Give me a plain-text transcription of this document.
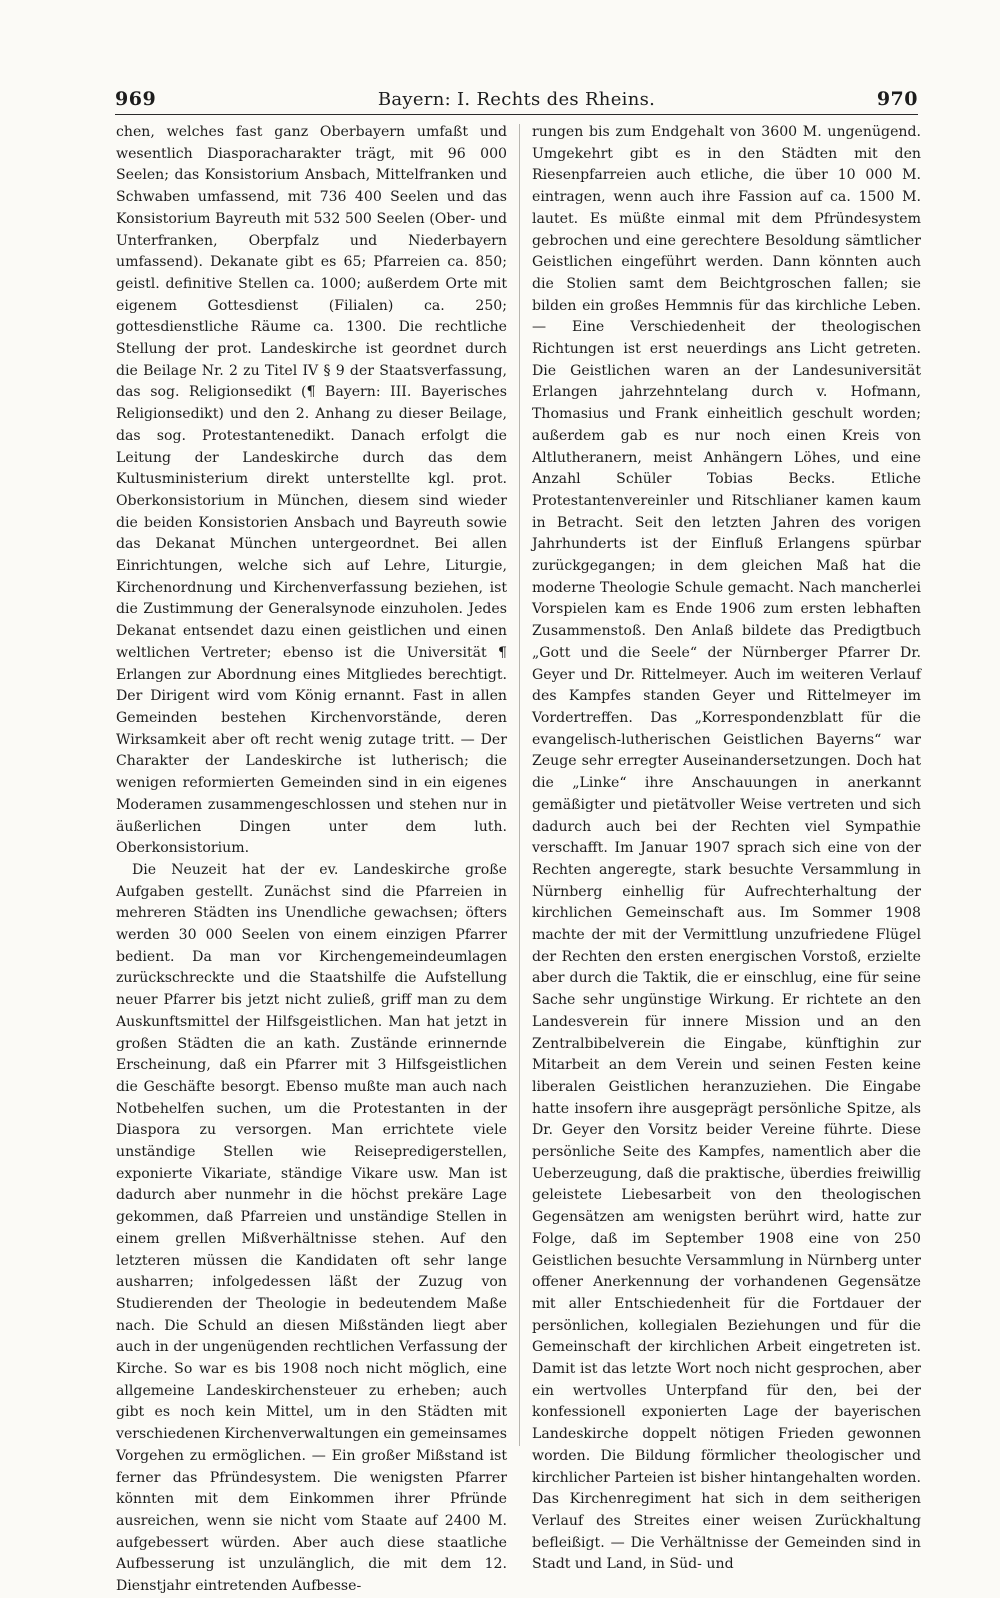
969	Bayern: I. Rechts des Rheins.	970

chen, welches fast ganz Oberbayern umfaßt und wesentlich Diasporacharakter trägt, mit 96 000 Seelen; das Konsistorium Ansbach, Mittelfranken und Schwaben umfassend, mit 736 400 Seelen und das Konsistorium Bayreuth mit 532 500 Seelen (Ober- und Unterfranken, Oberpfalz und Niederbayern umfassend). Dekanate gibt es 65; Pfarreien ca. 850; geistl. definitive Stellen ca. 1000; außerdem Orte mit eigenem Gottesdienst (Filialen) ca. 250; gottesdienstliche Räume ca. 1300. Die rechtliche Stellung der prot. Landeskirche ist geordnet durch die Beilage Nr. 2 zu Titel IV § 9 der Staatsverfassung, das sog. Religionsedikt (¶ Bayern: III. Bayerisches Religionsedikt) und den 2. Anhang zu dieser Beilage, das sog. Protestantenedikt. Danach erfolgt die Leitung der Landeskirche durch das dem Kultusministerium direkt unterstellte kgl. prot. Oberkonsistorium in München, diesem sind wieder die beiden Konsistorien Ansbach und Bayreuth sowie das Dekanat München untergeordnet. Bei allen Einrichtungen, welche sich auf Lehre, Liturgie, Kirchenordnung und Kirchenverfassung beziehen, ist die Zustimmung der Generalsynode einzuholen. Jedes Dekanat entsendet dazu einen geistlichen und einen weltlichen Vertreter; ebenso ist die Universität ¶ Erlangen zur Abordnung eines Mitgliedes berechtigt. Der Dirigent wird vom König ernannt. Fast in allen Gemeinden bestehen Kirchenvorstände, deren Wirksamkeit aber oft recht wenig zutage tritt. — Der Charakter der Landeskirche ist lutherisch; die wenigen reformierten Gemeinden sind in ein eigenes Moderamen zusammengeschlossen und stehen nur in äußerlichen Dingen unter dem luth. Oberkonsistorium.

Die Neuzeit hat der ev. Landeskirche große Aufgaben gestellt. Zunächst sind die Pfarreien in mehreren Städten ins Unendliche gewachsen; öfters werden 30 000 Seelen von einem einzigen Pfarrer bedient. Da man vor Kirchengemeindeumlagen zurückschreckte und die Staatshilfe die Aufstellung neuer Pfarrer bis jetzt nicht zuließ, griff man zu dem Auskunftsmittel der Hilfsgeistlichen. Man hat jetzt in großen Städten die an kath. Zustände erinnernde Erscheinung, daß ein Pfarrer mit 3 Hilfsgeistlichen die Geschäfte besorgt. Ebenso mußte man auch nach Notbehelfen suchen, um die Protestanten in der Diaspora zu versorgen. Man errichtete viele unständige Stellen wie Reisepredigerstellen, exponierte Vikariate, ständige Vikare usw. Man ist dadurch aber nunmehr in die höchst prekäre Lage gekommen, daß Pfarreien und unständige Stellen in einem grellen Mißverhältnisse stehen. Auf den letzteren müssen die Kandidaten oft sehr lange ausharren; infolgedessen läßt der Zuzug von Studierenden der Theologie in bedeutendem Maße nach. Die Schuld an diesen Mißständen liegt aber auch in der ungenügenden rechtlichen Verfassung der Kirche. So war es bis 1908 noch nicht möglich, eine allgemeine Landeskirchensteuer zu erheben; auch gibt es noch kein Mittel, um in den Städten mit verschiedenen Kirchenverwaltungen ein gemeinsames Vorgehen zu ermöglichen. — Ein großer Mißstand ist ferner das Pfründesystem. Die wenigsten Pfarrer könnten mit dem Einkommen ihrer Pfründe ausreichen, wenn sie nicht vom Staate auf 2400 M. aufgebessert würden. Aber auch diese staatliche Aufbesserung ist unzulänglich, die mit dem 12. Dienstjahr eintretenden Aufbesse-

rungen bis zum Endgehalt von 3600 M. ungenügend. Umgekehrt gibt es in den Städten mit den Riesenpfarreien auch etliche, die über 10 000 M. eintragen, wenn auch ihre Fassion auf ca. 1500 M. lautet. Es müßte einmal mit dem Pfründesystem gebrochen und eine gerechtere Besoldung sämtlicher Geistlichen eingeführt werden. Dann könnten auch die Stolien samt dem Beichtgroschen fallen; sie bilden ein großes Hemmnis für das kirchliche Leben. — Eine Verschiedenheit der theologischen Richtungen ist erst neuerdings ans Licht getreten. Die Geistlichen waren an der Landesuniversität Erlangen jahrzehntelang durch v. Hofmann, Thomasius und Frank einheitlich geschult worden; außerdem gab es nur noch einen Kreis von Altlutheranern, meist Anhängern Löhes, und eine Anzahl Schüler Tobias Becks. Etliche Protestantenvereinler und Ritschlianer kamen kaum in Betracht. Seit den letzten Jahren des vorigen Jahrhunderts ist der Einfluß Erlangens spürbar zurückgegangen; in dem gleichen Maß hat die moderne Theologie Schule gemacht. Nach mancherlei Vorspielen kam es Ende 1906 zum ersten lebhaften Zusammenstoß. Den Anlaß bildete das Predigtbuch „Gott und die Seele“ der Nürnberger Pfarrer Dr. Geyer und Dr. Rittelmeyer. Auch im weiteren Verlauf des Kampfes standen Geyer und Rittelmeyer im Vordertreffen. Das „Korrespondenzblatt für die evangelisch-lutherischen Geistlichen Bayerns“ war Zeuge sehr erregter Auseinandersetzungen. Doch hat die „Linke“ ihre Anschauungen in anerkannt gemäßigter und pietätvoller Weise vertreten und sich dadurch auch bei der Rechten viel Sympathie verschafft. Im Januar 1907 sprach sich eine von der Rechten angeregte, stark besuchte Versammlung in Nürnberg einhellig für Aufrechterhaltung der kirchlichen Gemeinschaft aus. Im Sommer 1908 machte der mit der Vermittlung unzufriedene Flügel der Rechten den ersten energischen Vorstoß, erzielte aber durch die Taktik, die er einschlug, eine für seine Sache sehr ungünstige Wirkung. Er richtete an den Landesverein für innere Mission und an den Zentralbibelverein die Eingabe, künftighin zur Mitarbeit an dem Verein und seinen Festen keine liberalen Geistlichen heranzuziehen. Die Eingabe hatte insofern ihre ausgeprägt persönliche Spitze, als Dr. Geyer den Vorsitz beider Vereine führte. Diese persönliche Seite des Kampfes, namentlich aber die Ueberzeugung, daß die praktische, überdies freiwillig geleistete Liebesarbeit von den theologischen Gegensätzen am wenigsten berührt wird, hatte zur Folge, daß im September 1908 eine von 250 Geistlichen besuchte Versammlung in Nürnberg unter offener Anerkennung der vorhandenen Gegensätze mit aller Entschiedenheit für die Fortdauer der persönlichen, kollegialen Beziehungen und für die Gemeinschaft der kirchlichen Arbeit eingetreten ist. Damit ist das letzte Wort noch nicht gesprochen, aber ein wertvolles Unterpfand für den, bei der konfessionell exponierten Lage der bayerischen Landeskirche doppelt nötigen Frieden gewonnen worden. Die Bildung förmlicher theologischer und kirchlicher Parteien ist bisher hintangehalten worden. Das Kirchenregiment hat sich in dem seitherigen Verlauf des Streites einer weisen Zurückhaltung befleißigt. — Die Verhältnisse der Gemeinden sind in Stadt und Land, in Süd- und
